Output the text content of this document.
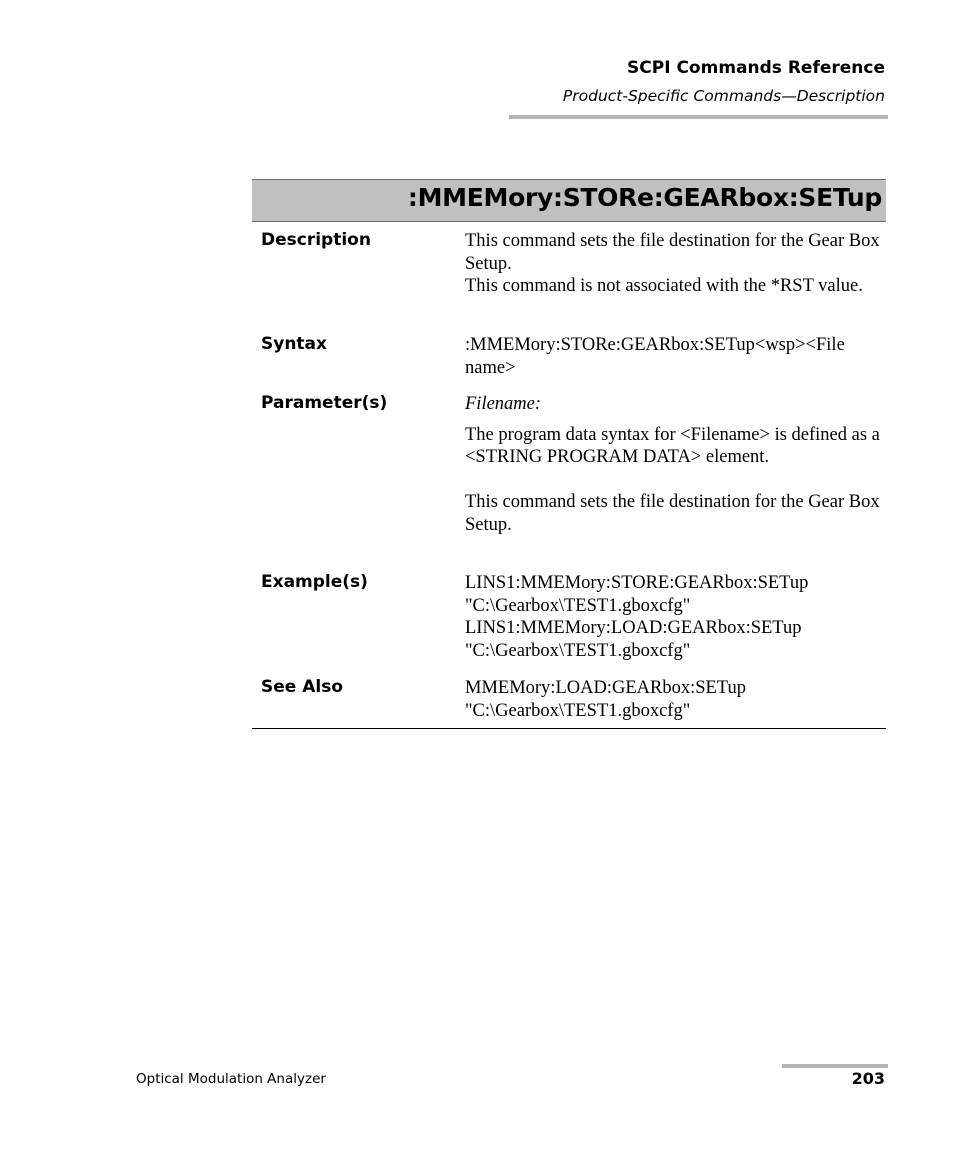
SCPI Commands Reference
Product-Specific Commands—Description
:MMEMory:STORe:GEARbox:SETup
Description	This command sets the file destination for the Gear Box Setup.

This command is not associated with the *RST value.

Syntax	:MMEMory:STORe:GEARbox:SETup<wsp><File name>

Parameter(s)	Filename:

The program data syntax for <Filename> is defined as a <STRING PROGRAM DATA> element.

This command sets the file destination for the Gear Box Setup.

Example(s)	LINS1:MMEMory:STORE:GEARbox:SETup "C:\Gearbox\TEST1.gboxcfg"

LINS1:MMEMory:LOAD:GEARbox:SETup "C:\Gearbox\TEST1.gboxcfg"

See Also	MMEMory:LOAD:GEARbox:SETup "C:\Gearbox\TEST1.gboxcfg"

Optical Modulation Analyzer	203
